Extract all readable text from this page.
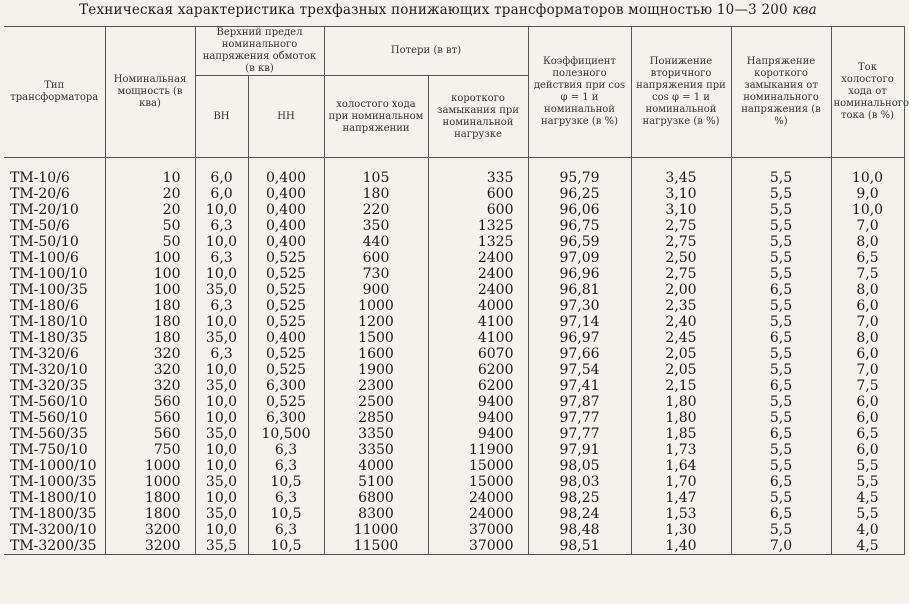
Техническая характеристика трехфазных понижающих трансформаторов мощностью 10—3 200 ква
Тип трансформатора	Номинальная мощность (в ква)	Верхний предел номинального напряжения обмоток (в кв)		Потери (в вт)		Коэффициент полезного действия при cos φ = 1 и номинальной нагрузке (в %)	Понижение вторичного напряжения при cos φ = 1 и номинальной нагрузке (в %)	Напряжение короткого замыкания от номинального напряжения (в %)	Ток холостого хода от номинального тока (в %)
		ВН	НН	холостого хода при номинальном напряжении	короткого замыкания при номинальной нагрузке				
ТМ-10/6	10	6,0	0,400	105	335	95,79	3,45	5,5	10,0
ТМ-20/6	20	6,0	0,400	180	600	96,25	3,10	5,5	9,0
ТМ-20/10	20	10,0	0,400	220	600	96,06	3,10	5,5	10,0
ТМ-50/6	50	6,3	0,400	350	1325	96,75	2,75	5,5	7,0
ТМ-50/10	50	10,0	0,400	440	1325	96,59	2,75	5,5	8,0
ТМ-100/6	100	6,3	0,525	600	2400	97,09	2,50	5,5	6,5
ТМ-100/10	100	10,0	0,525	730	2400	96,96	2,75	5,5	7,5
ТМ-100/35	100	35,0	0,525	900	2400	96,81	2,00	6,5	8,0
ТМ-180/6	180	6,3	0,525	1000	4000	97,30	2,35	5,5	6,0
ТМ-180/10	180	10,0	0,525	1200	4100	97,14	2,40	5,5	7,0
ТМ-180/35	180	35,0	0,400	1500	4100	96,97	2,45	6,5	8,0
ТМ-320/6	320	6,3	0,525	1600	6070	97,66	2,05	5,5	6,0
ТМ-320/10	320	10,0	0,525	1900	6200	97,54	2,05	5,5	7,0
ТМ-320/35	320	35,0	6,300	2300	6200	97,41	2,15	6,5	7,5
ТМ-560/10	560	10,0	0,525	2500	9400	97,87	1,80	5,5	6,0
ТМ-560/10	560	10,0	6,300	2850	9400	97,77	1,80	5,5	6,0
ТМ-560/35	560	35,0	10,500	3350	9400	97,77	1,85	6,5	6,5
ТМ-750/10	750	10,0	6,3	3350	11900	97,91	1,73	5,5	6,0
ТМ-1000/10	1000	10,0	6,3	4000	15000	98,05	1,64	5,5	5,5
ТМ-1000/35	1000	35,0	10,5	5100	15000	98,03	1,70	6,5	5,5
ТМ-1800/10	1800	10,0	6,3	6800	24000	98,25	1,47	5,5	4,5
ТМ-1800/35	1800	35,0	10,5	8300	24000	98,24	1,53	6,5	5,5
ТМ-3200/10	3200	10,0	6,3	11000	37000	98,48	1,30	5,5	4,0
ТМ-3200/35	3200	35,5	10,5	11500	37000	98,51	1,40	7,0	4,5
